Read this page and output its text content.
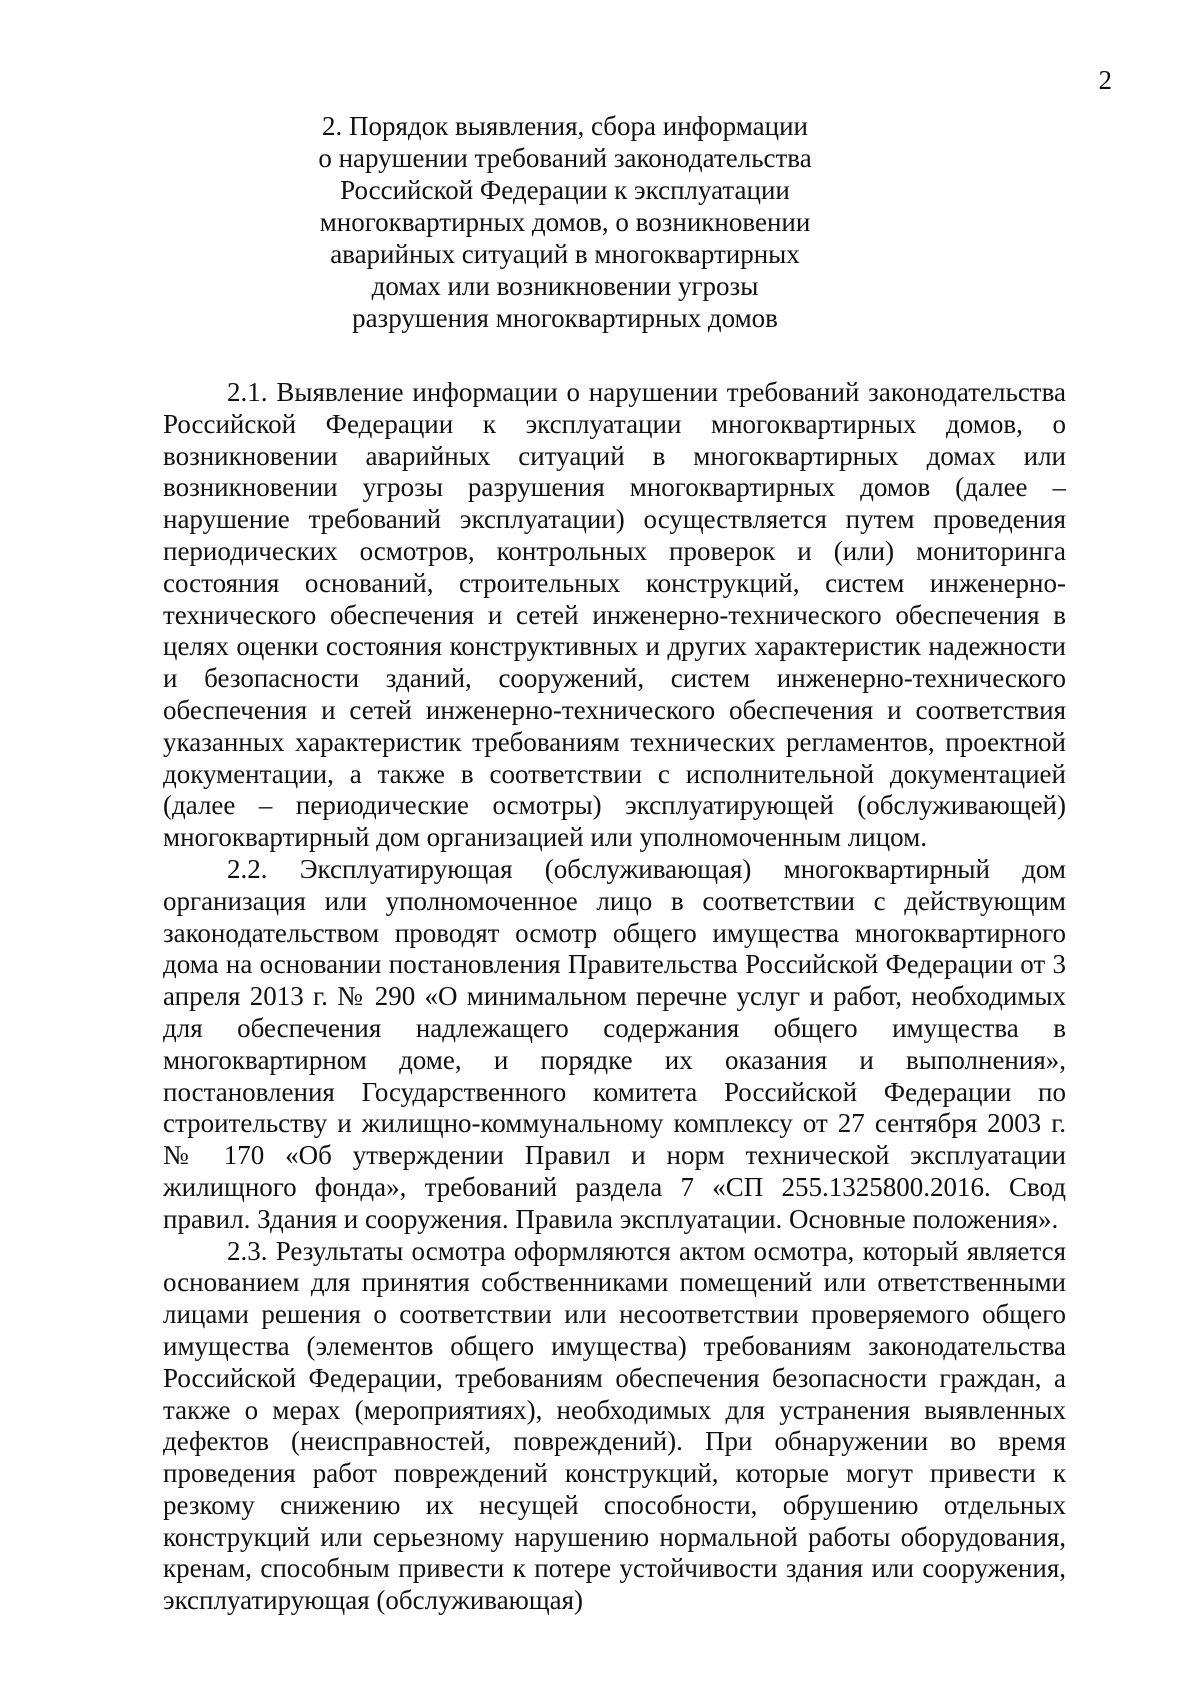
2
2. Порядок выявления, сбора информации
о нарушении требований законодательства
Российской Федерации к эксплуатации
многоквартирных домов, о возникновении
аварийных ситуаций в многоквартирных
домах или возникновении угрозы
разрушения многоквартирных домов

2.1. Выявление информации о нарушении требований законодательства Российской Федерации к эксплуатации многоквартирных домов, о возникновении аварийных ситуаций в многоквартирных домах или возникновении угрозы разрушения многоквартирных домов (далее – нарушение требований эксплуатации) осуществляется путем проведения периодических осмотров, контрольных проверок и (или) мониторинга состояния оснований, строительных конструкций, систем инженерно-технического обеспечения и сетей инженерно-технического обеспечения в целях оценки состояния конструктивных и других характеристик надежности и безопасности зданий, сооружений, систем инженерно-технического обеспечения и сетей инженерно-технического обеспечения и соответствия указанных характеристик требованиям технических регламентов, проектной документации, а также в соответствии с исполнительной документацией (далее – периодические осмотры) эксплуатирующей (обслуживающей) многоквартирный дом организацией или уполномоченным лицом.

2.2. Эксплуатирующая (обслуживающая) многоквартирный дом организация или уполномоченное лицо в соответствии с действующим законодательством проводят осмотр общего имущества многоквартирного дома на основании постановления Правительства Российской Федерации от 3 апреля 2013 г. № 290 «О минимальном перечне услуг и работ, необходимых для обеспечения надлежащего содержания общего имущества в многоквартирном доме, и порядке их оказания и выполнения», постановления Государственного комитета Российской Федерации по строительству и жилищно-коммунальному комплексу от 27 сентября 2003 г. № 170 «Об утверждении Правил и норм технической эксплуатации жилищного фонда», требований раздела 7 «СП 255.1325800.2016. Свод правил. Здания и сооружения. Правила эксплуатации. Основные положения».

2.3. Результаты осмотра оформляются актом осмотра, который является основанием для принятия собственниками помещений или ответственными лицами решения о соответствии или несоответствии проверяемого общего имущества (элементов общего имущества) требованиям законодательства Российской Федерации, требованиям обеспечения безопасности граждан, а также о мерах (мероприятиях), необходимых для устранения выявленных дефектов (неисправностей, повреждений). При обнаружении во время проведения работ повреждений конструкций, которые могут привести к резкому снижению их несущей способности, обрушению отдельных конструкций или серьезному нарушению нормальной работы оборудования, кренам, способным привести к потере устойчивости здания или сооружения, эксплуатирующая (обслуживающая)
